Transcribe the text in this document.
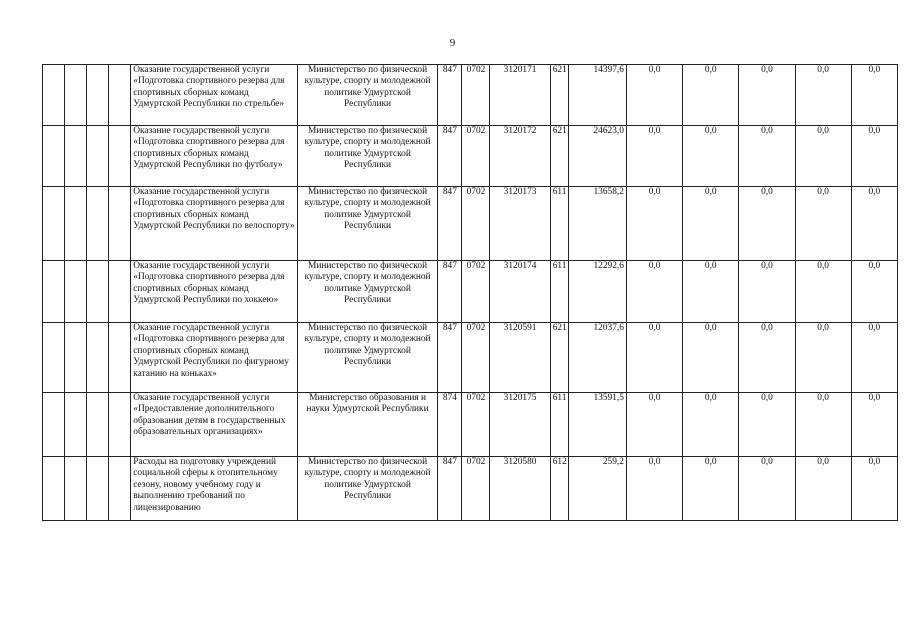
9
				Оказание государственной услуги «Подготовка спортивного резерва для спортивных сборных команд Удмуртской Республики по стрельбе»	Министерство по физической культуре, спорту и молодежной политике Удмуртской Республики	847	0702	3120171	621	14397,6	0,0	0,0	0,0	0,0	0,0
				Оказание государственной услуги «Подготовка спортивного резерва для спортивных сборных команд Удмуртской Республики по футболу»	Министерство по физической культуре, спорту и молодежной политике Удмуртской Республики	847	0702	3120172	621	24623,0	0,0	0,0	0,0	0,0	0,0
				Оказание государственной услуги «Подготовка спортивного резерва для спортивных сборных команд Удмуртской Республики по велоспорту»	Министерство по физической культуре, спорту и молодежной политике Удмуртской Республики	847	0702	3120173	611	13658,2	0,0	0,0	0,0	0,0	0,0
				Оказание государственной услуги «Подготовка спортивного резерва для спортивных сборных команд Удмуртской Республики по хоккею»	Министерство по физической культуре, спорту и молодежной политике Удмуртской Республики	847	0702	3120174	611	12292,6	0,0	0,0	0,0	0,0	0,0
				Оказание государственной услуги «Подготовка спортивного резерва для спортивных сборных команд Удмуртской Республики по фигурному катанию на коньках»	Министерство по физической культуре, спорту и молодежной политике Удмуртской Республики	847	0702	3120591	621	12037,6	0,0	0,0	0,0	0,0	0,0
				Оказание государственной услуги «Предоставление дополнительного образования детям в государственных образовательных организациях»	Министерство образования и науки Удмуртской Республики	874	0702	3120175	611	13591,5	0,0	0,0	0,0	0,0	0,0
				Расходы на подготовку учреждений социальной сферы к отопительному сезону, новому учебному году и выполнению требований по лицензированию	Министерство по физической культуре, спорту и молодежной политике Удмуртской Республики	847	0702	3120580	612	259,2	0,0	0,0	0,0	0,0	0,0
